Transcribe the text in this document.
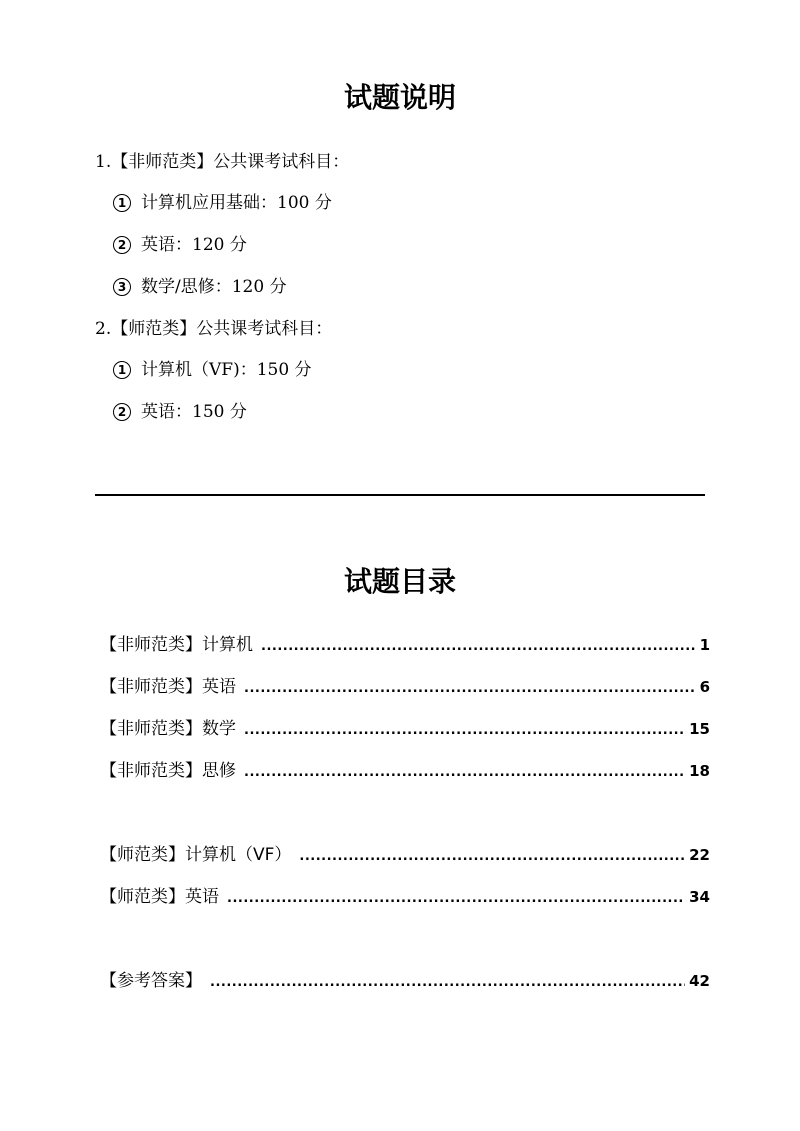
试题说明
1.【非师范类】公共课考试科目：
1 计算机应用基础：100 分
2 英语：120 分
3 数学/思修：120 分
2.【师范类】公共课考试科目：
1 计算机（VF)：150 分
2 英语：150 分
试题目录
【非师范类】计算机 .....	1
【非师范类】英语 .....	6
【非师范类】数学 .....	15
【非师范类】思修 .....	18
【师范类】计算机（VF） .....	22
【师范类】英语 .....	34
【参考答案】 .....	42
